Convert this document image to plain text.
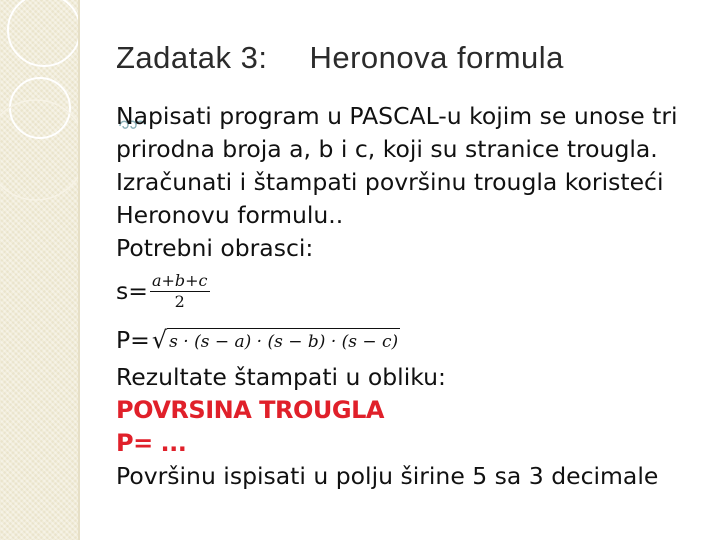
Zadatak 3: Heronova formula

Napisati program u PASCAL-u kojim se unose tri prirodna broja a, b i c, koji su stranice trougla. Izračunati i štampati površinu trougla koristeći Heronovu formulu..

Potrebni obrasci:

$s= \frac{a+b+c}{2}$
P= √ s · (s − a) · (s − b) · (s − c)

Rezultate štampati u obliku:

POVRSINA TROUGLA

P= ...

Površinu ispisati u polju širine 5 sa 3 decimale
